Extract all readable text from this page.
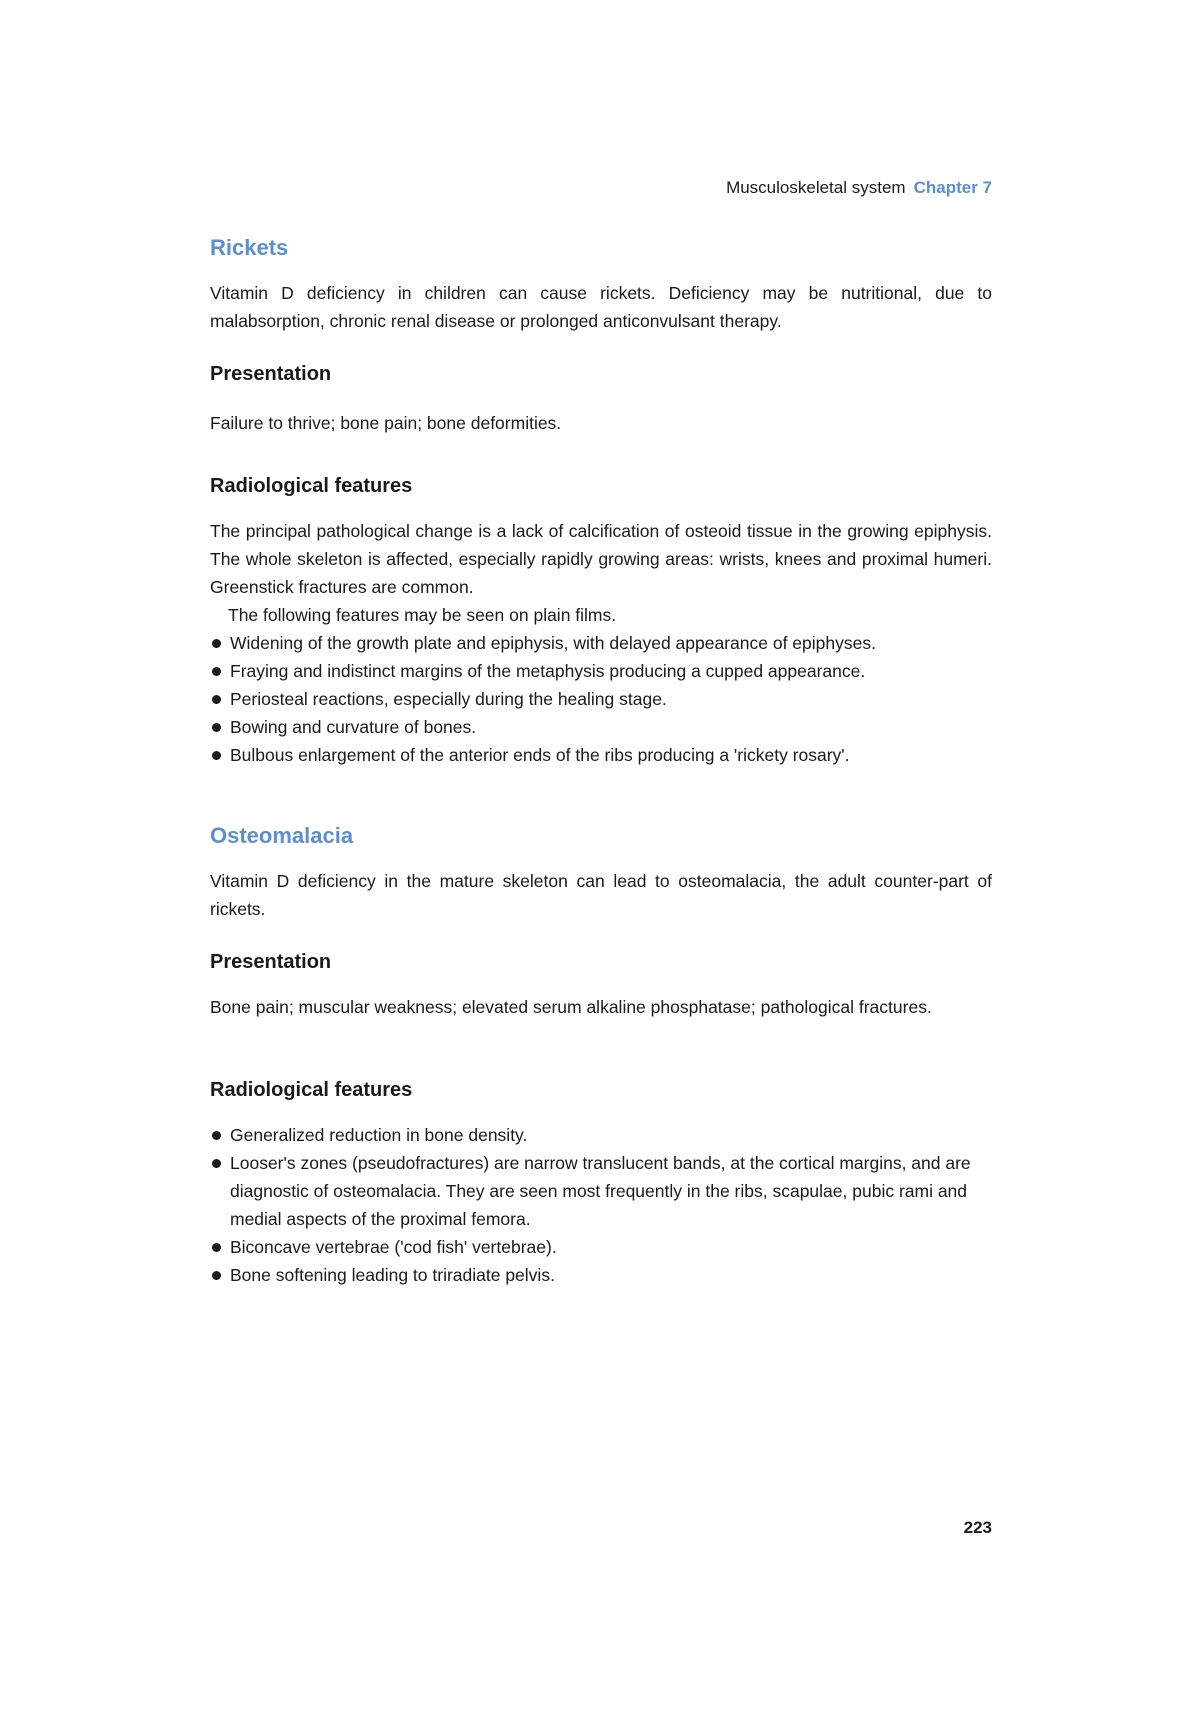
Musculoskeletal system Chapter 7
Rickets
Vitamin D deficiency in children can cause rickets. Deficiency may be nutritional, due to malabsorption, chronic renal disease or prolonged anticonvulsant therapy.
Presentation
Failure to thrive; bone pain; bone deformities.
Radiological features
The principal pathological change is a lack of calcification of osteoid tissue in the growing epiphysis. The whole skeleton is affected, especially rapidly growing areas: wrists, knees and proximal humeri. Greenstick fractures are common.
The following features may be seen on plain films.
Widening of the growth plate and epiphysis, with delayed appearance of epiphyses.
Fraying and indistinct margins of the metaphysis producing a cupped appearance.
Periosteal reactions, especially during the healing stage.
Bowing and curvature of bones.
Bulbous enlargement of the anterior ends of the ribs producing a 'rickety rosary'.
Osteomalacia
Vitamin D deficiency in the mature skeleton can lead to osteomalacia, the adult counter-part of rickets.
Presentation
Bone pain; muscular weakness; elevated serum alkaline phosphatase; pathological fractures.
Radiological features
Generalized reduction in bone density.
Looser's zones (pseudofractures) are narrow translucent bands, at the cortical margins, and are diagnostic of osteomalacia. They are seen most frequently in the ribs, scapulae, pubic rami and medial aspects of the proximal femora.
Biconcave vertebrae ('cod fish' vertebrae).
Bone softening leading to triradiate pelvis.
223
